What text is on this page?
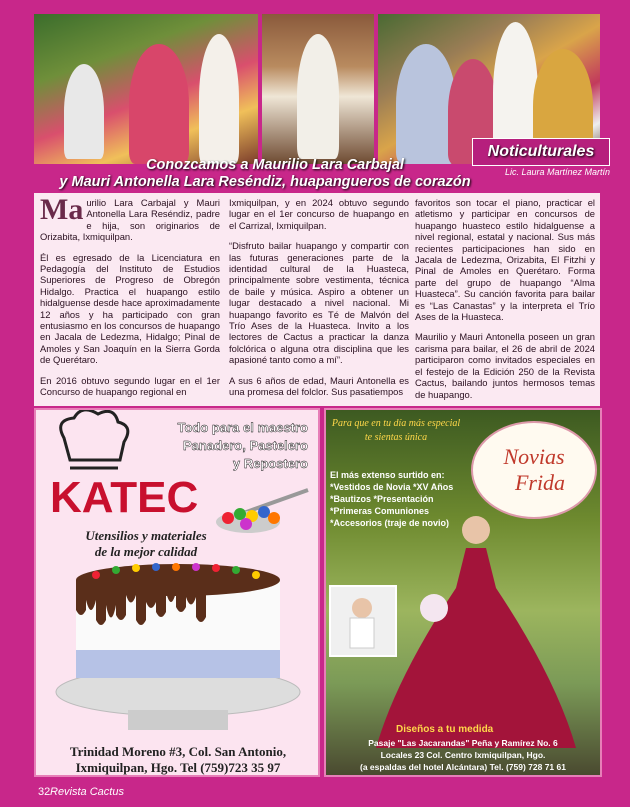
Noticulturales
Conozcamos a Maurilio Lara Carbajal
y Mauri Antonella Lara Reséndiz, huapangueros de corazón
Lic. Laura Martínez Martín

Ma urilio Lara Carbajal y Mauri Antonella Lara Reséndiz, padre e hija, son originarios de Orizabita, Ixmiquilpan.

Él es egresado de la Licenciatura en Pedagogía del Instituto de Estudios Superiores de Progreso de Obregón Hidalgo. Practica el huapango estilo hidalguense desde hace aproximadamente 12 años y ha participado con gran entusiasmo en los concursos de huapango en Jacala de Ledezma, Hidalgo; Pinal de Amoles y San Joaquín en la Sierra Gorda de Querétaro.

En 2016 obtuvo segundo lugar en el 1er Concurso de huapango regional en

Ixmiquilpan, y en 2024 obtuvo segundo lugar en el 1er concurso de huapango en el Carrizal, Ixmiquilpan.

“Disfruto bailar huapango y compartir con las futuras generaciones parte de la identidad cultural de la Huasteca, principalmente sobre vestimenta, técnica de baile y música. Aspiro a obtener un lugar destacado a nivel nacional. Mi huapango favorito es Té de Malvón del Trío Ases de la Huasteca. Invito a los lectores de Cactus a practicar la danza folclórica o alguna otra disciplina que les apasioné tanto como a mí”.

A sus 6 años de edad, Mauri Antonella es una promesa del folclor. Sus pasatiempos

favoritos son tocar el piano, practicar el atletismo y participar en concursos de huapango huasteco estilo hidalguense a nivel regional, estatal y nacional. Sus más recientes participaciones han sido en Jacala de Ledezma, Orizabita, El Fitzhi y Pinal de Amoles en Querétaro. Forma parte del grupo de huapango “Alma Huasteca”. Su canción favorita para bailar es “Las Canastas” y la interpreta el Trío Ases de la Huasteca.

Maurilio y Mauri Antonella poseen un gran carisma para bailar, el 26 de abril de 2024 participaron como invitados especiales en el festejo de la Edición 250 de la Revista Cactus, bailando juntos hermosos temas de huapango.

KATEC
Todo para el maestro
Panadero, Pastelero
y Repostero
Utensilios y materiales
de la mejor calidad
Trinidad Moreno #3, Col. San Antonio,
Ixmiquilpan, Hgo. Tel (759)723 35 97
Para que en tu día más especial
te sientas única
Novias
Frida
El más extenso surtido en:
*Vestidos de Novia *XV Años
*Bautizos *Presentación
*Primeras Comuniones
*Accesorios (traje de novio)
Diseños a tu medida
Pasaje "Las Jacarandas" Peña y Ramírez No. 6
Locales 23 Col. Centro Ixmiquilpan, Hgo.
(a espaldas del hotel Alcántara) Tel. (759) 728 71 61
32 Revista Cactus
